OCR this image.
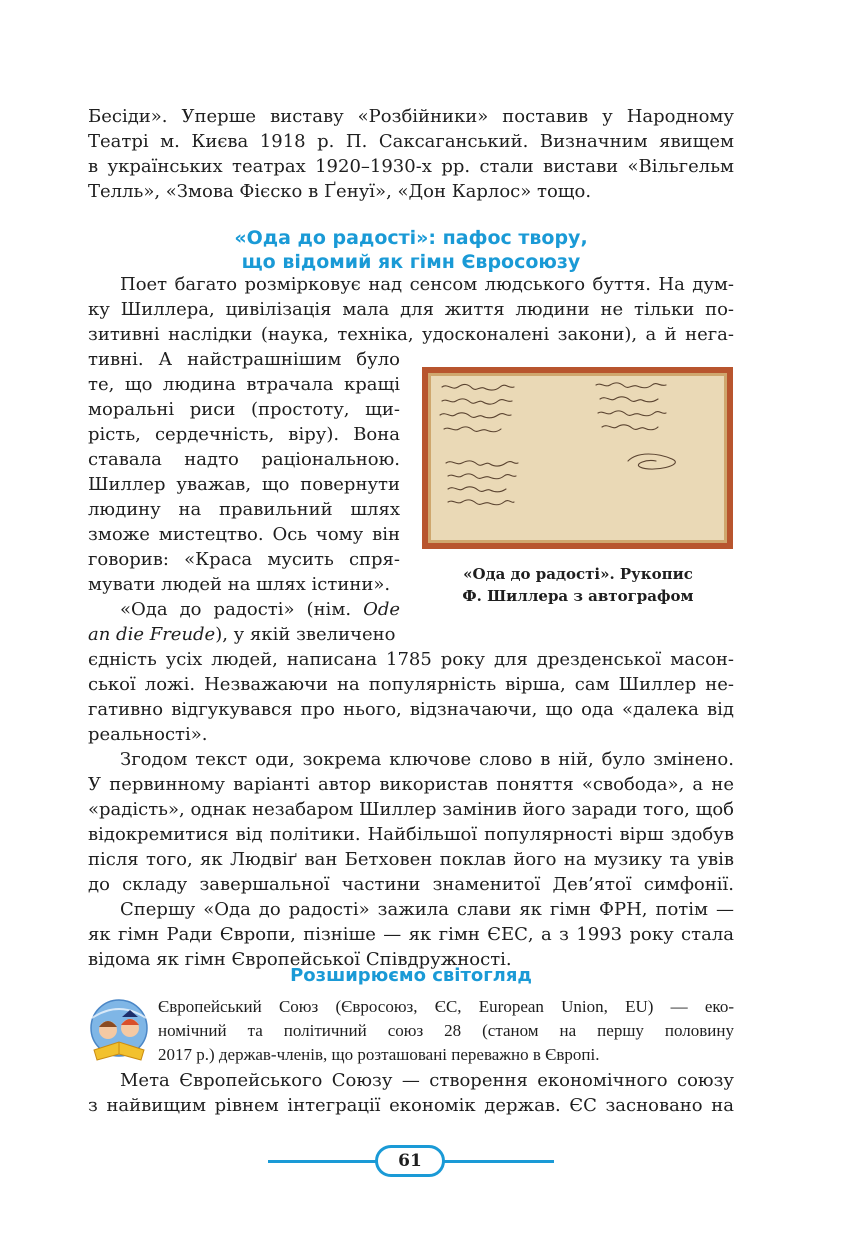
Бесіди». Уперше виставу «Розбійники» поставив у Народному
Театрі м. Києва 1918 р. П. Саксаганський. Визначним явищем
в українських театрах 1920–1930-х рр. стали вистави «Вільгельм
Телль», «Змова Фієско в Ґенуї», «Дон Карлос» тощо.
«Ода до радості»: пафос твору,
що відомий як гімн Євросоюзу
Поет багато розмірковує над сенсом людського буття. На дум-
ку Шиллера, цивілізація мала для життя людини не тільки по-
зитивні наслідки (наука, техніка, удосконалені закони), а й нега-
тивні. А найстрашнішим було
те, що людина втрачала кращі
моральні риси (простоту, щи-
рість, сердечність, віру). Вона
ставала надто раціональною.
Шиллер уважав, що повернути
людину на правильний шлях
зможе мистецтво. Ось чому він
говорив: «Краса мусить спря-
мувати людей на шлях істини».
«Ода до радості» (нім. Ode
an die Freude), у якій звеличено
єдність усіх людей, написана 1785 року для дрезденської масон-
ської ложі. Незважаючи на популярність вірша, сам Шиллер не-
гативно відгукувався про нього, відзначаючи, що ода «далека від
реальності».
Згодом текст оди, зокрема ключове слово в ній, було змінено.
У первинному варіанті автор використав поняття «свобода», а не
«радість», однак незабаром Шиллер замінив його заради того, щоб
відокремитися від політики. Найбільшої популярності вірш здобув
після того, як Людвіґ ван Бетховен поклав його на музику та увів
до складу завершальної частини знаменитої Дев’ятої симфонії.
Спершу «Ода до радості» зажила слави як гімн ФРН, потім —
як гімн Ради Європи, пізніше — як гімн ЄЕС, а з 1993 року стала
відома як гімн Європейської Співдружності.
«Ода до радості». Рукопис
Ф. Шиллера з автографом
Розширюємо світогляд
Європейський Союз (Євросоюз, ЄС, European Union, EU) — еко-
номічний та політичний союз 28 (станом на першу половину
2017 р.) держав-членів, що розташовані переважно в Європі.
Мета Європейського Союзу — створення економічного союзу
з найвищим рівнем інтеграції економік держав. ЄС засновано на
61
